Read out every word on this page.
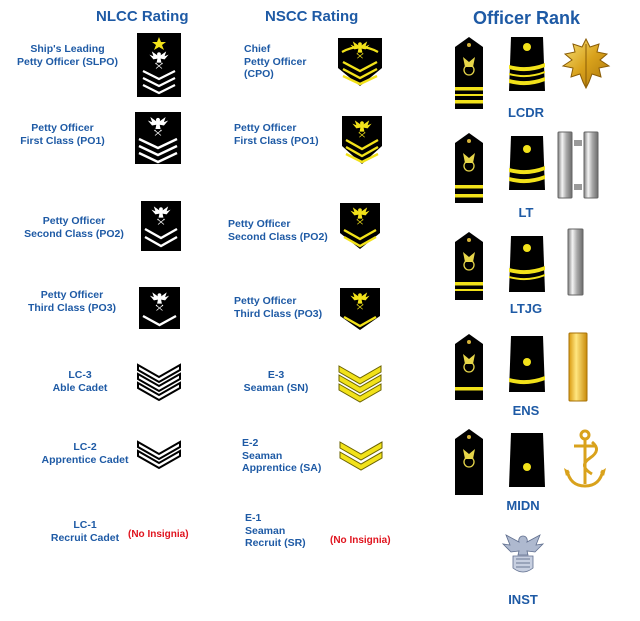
NLCC Rating	NSCC Rating	Officer Rank
Ship's Leading
Petty Officer (SLPO)
Petty Officer
First Class (PO1)
Petty Officer
Second Class (PO2)
Petty Officer
Third Class (PO3)
LC-3
Able Cadet
LC-2
Apprentice Cadet
LC-1
Recruit Cadet (No Insignia)
Chief
Petty Officer
(CPO)
Petty Officer
First Class (PO1)
Petty Officer
Second Class (PO2)
Petty Officer
Third Class (PO3)
E-3
Seaman (SN)
E-2
Seaman
Apprentice (SA)
E-1
Seaman
Recruit (SR) (No Insignia)
LCDR
LT
LTJG
ENS
MIDN
INST
